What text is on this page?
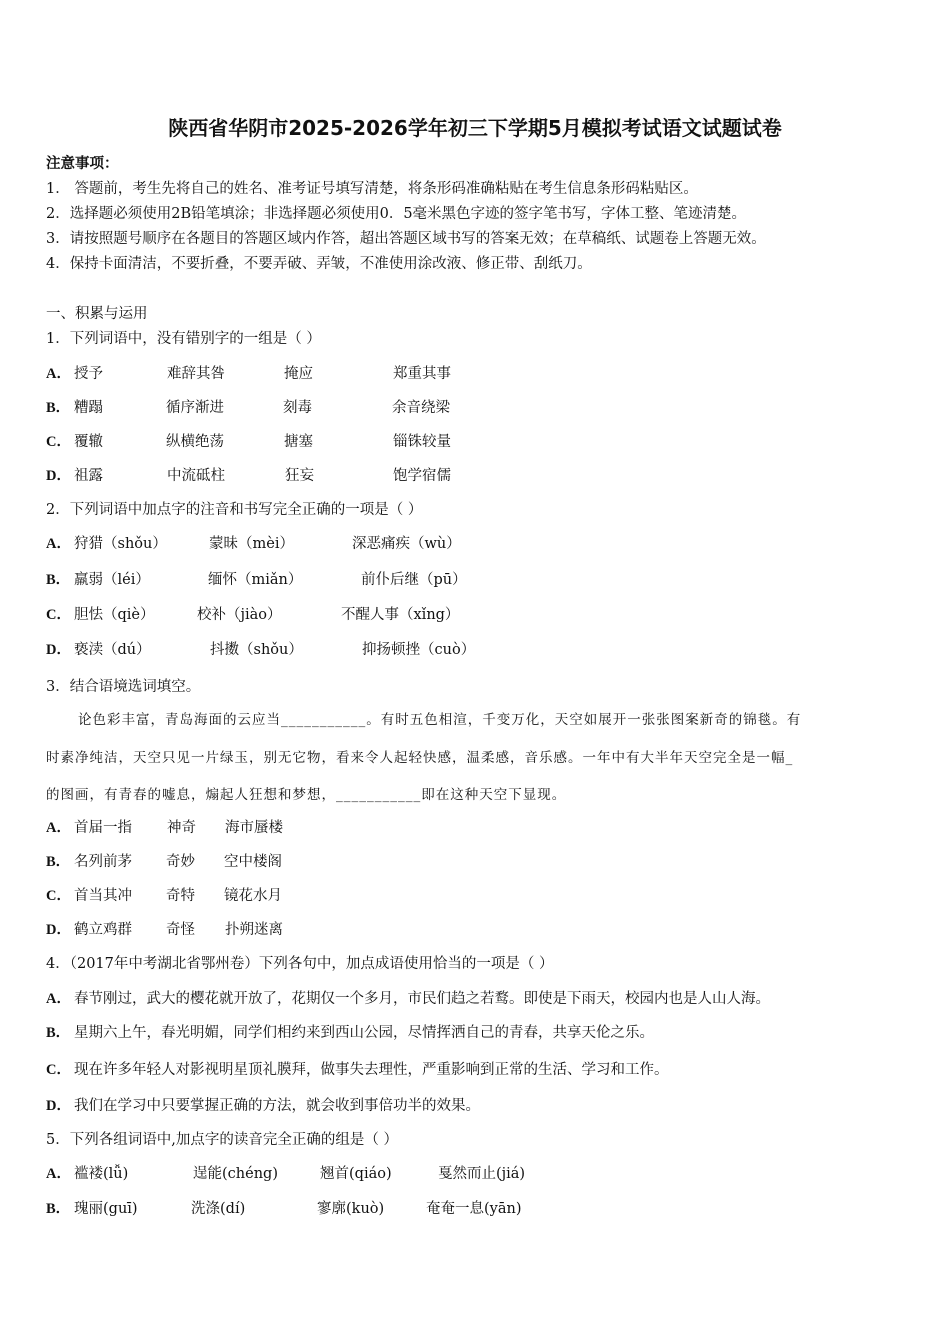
陕西省华阴市2025-2026学年初三下学期5月模拟考试语文试题试卷
注意事项：
1． 答题前，考生先将自己的姓名、准考证号填写清楚，将条形码准确粘贴在考生信息条形码粘贴区。
2．选择题必须使用2B铅笔填涂；非选择题必须使用0．5毫米黑色字迹的签字笔书写，字体工整、笔迹清楚。
3．请按照题号顺序在各题目的答题区域内作答，超出答题区域书写的答案无效；在草稿纸、试题卷上答题无效。
4．保持卡面清洁，不要折叠，不要弄破、弄皱，不准使用涂改液、修正带、刮纸刀。
一、积累与运用
1．下列词语中，没有错别字的一组是（ ）
A． 授予	难辞其咎	掩应	郑重其事
B． 糟蹋	循序渐进	刻毒	余音绕梁
C． 覆辙	纵横绝荡	搪塞	锱铢较量
D． 祖露	中流砥柱	狂妄	饱学宿儒
2．下列词语中加点字的注音和书写完全正确的一项是（ ）
A． 狩猎（shǒu）	蒙昧（mèi）	深恶痛疾（wù）
B． 羸弱（léi）	缅怀（miǎn）	前仆后继（pū）
C． 胆怯（qiè）	校补（jiào）	不醒人事（xǐng）
D． 亵渎（dú）	抖擞（shǒu）	抑扬顿挫（cuò）
3．结合语境选词填空。
论色彩丰富，青岛海面的云应当___________。有时五色相渲，千变万化，天空如展开一张张图案新奇的锦毯。有
时素净纯洁，天空只见一片绿玉，别无它物，看来令人起轻快感，温柔感，音乐感。一年中有大半年天空完全是一幅_
的图画，有青春的嘘息，煽起人狂想和梦想，___________即在这种天空下显现。
A． 首届一指 神奇 海市蜃楼
B． 名列前茅 奇妙 空中楼阁
C． 首当其冲 奇特 镜花水月
D． 鹤立鸡群 奇怪 扑朔迷离
4．（2017年中考湖北省鄂州卷）下列各句中，加点成语使用恰当的一项是（ ）
A． 春节刚过，武大的樱花就开放了，花期仅一个多月，市民们趋之若鹜。即使是下雨天，校园内也是人山人海。
B． 星期六上午，春光明媚，同学们相约来到西山公园，尽情挥洒自己的青春，共享天伦之乐。
C． 现在许多年轻人对影视明星顶礼膜拜，做事失去理性，严重影响到正常的生活、学习和工作。
D． 我们在学习中只要掌握正确的方法，就会收到事倍功半的效果。
5．下列各组词语中,加点字的读音完全正确的组是（ ）
A． 褴褛(lǚ)	逞能(chéng)	翘首(qiáo)	戛然而止(jiá)
B． 瑰丽(guī)	洗涤(dí)	寥廓(kuò)	奄奄一息(yān)
